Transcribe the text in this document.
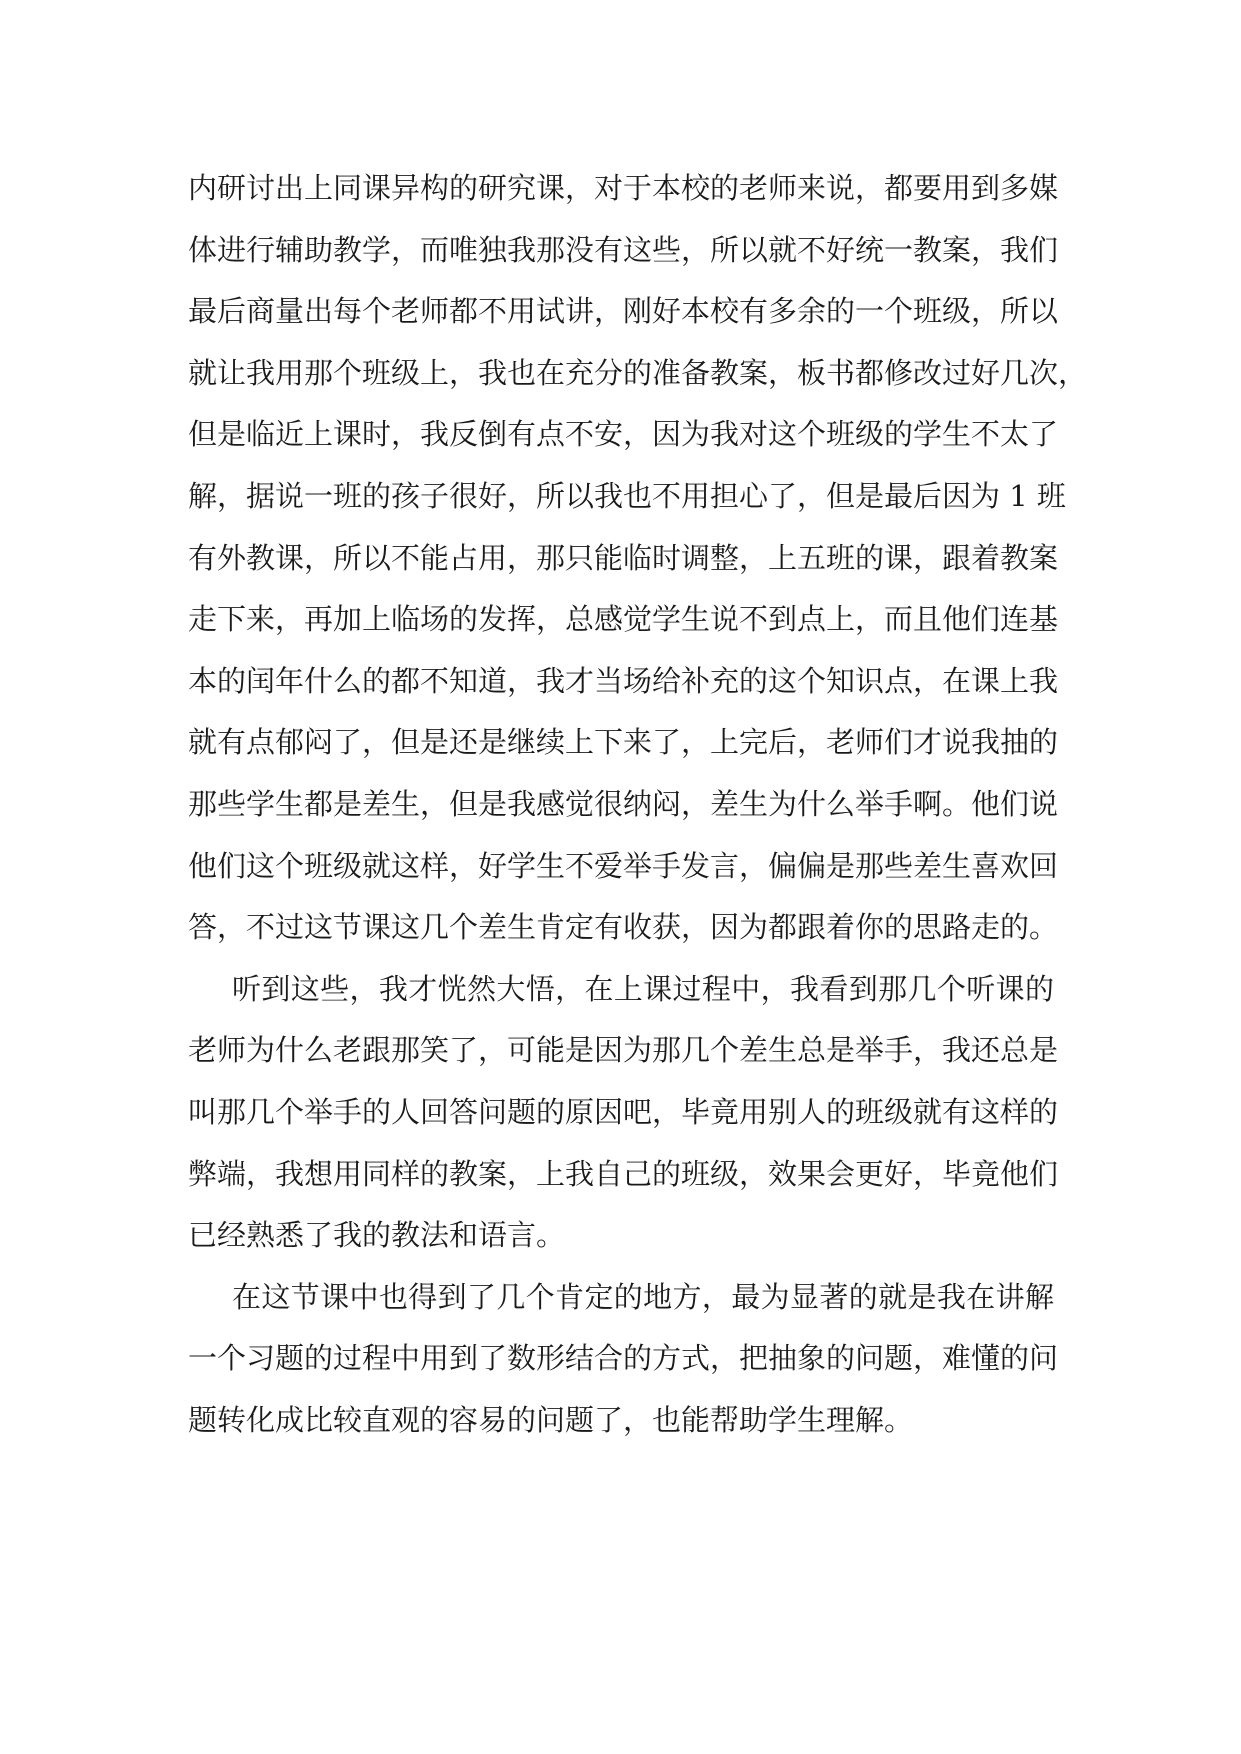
内研讨出上同课异构的研究课，对于本校的老师来说，都要用到多媒
体进行辅助教学，而唯独我那没有这些，所以就不好统一教案，我们
最后商量出每个老师都不用试讲，刚好本校有多余的一个班级，所以
就让我用那个班级上，我也在充分的准备教案，板书都修改过好几次，
但是临近上课时，我反倒有点不安，因为我对这个班级的学生不太了
解，据说一班的孩子很好，所以我也不用担心了，但是最后因为 1 班
有外教课，所以不能占用，那只能临时调整，上五班的课，跟着教案
走下来，再加上临场的发挥，总感觉学生说不到点上，而且他们连基
本的闰年什么的都不知道，我才当场给补充的这个知识点，在课上我
就有点郁闷了，但是还是继续上下来了，上完后，老师们才说我抽的
那些学生都是差生，但是我感觉很纳闷，差生为什么举手啊。他们说
他们这个班级就这样，好学生不爱举手发言，偏偏是那些差生喜欢回
答，不过这节课这几个差生肯定有收获，因为都跟着你的思路走的。
听到这些，我才恍然大悟，在上课过程中，我看到那几个听课的
老师为什么老跟那笑了，可能是因为那几个差生总是举手，我还总是
叫那几个举手的人回答问题的原因吧，毕竟用别人的班级就有这样的
弊端，我想用同样的教案，上我自己的班级，效果会更好，毕竟他们
已经熟悉了我的教法和语言。
在这节课中也得到了几个肯定的地方，最为显著的就是我在讲解
一个习题的过程中用到了数形结合的方式，把抽象的问题，难懂的问
题转化成比较直观的容易的问题了，也能帮助学生理解。
